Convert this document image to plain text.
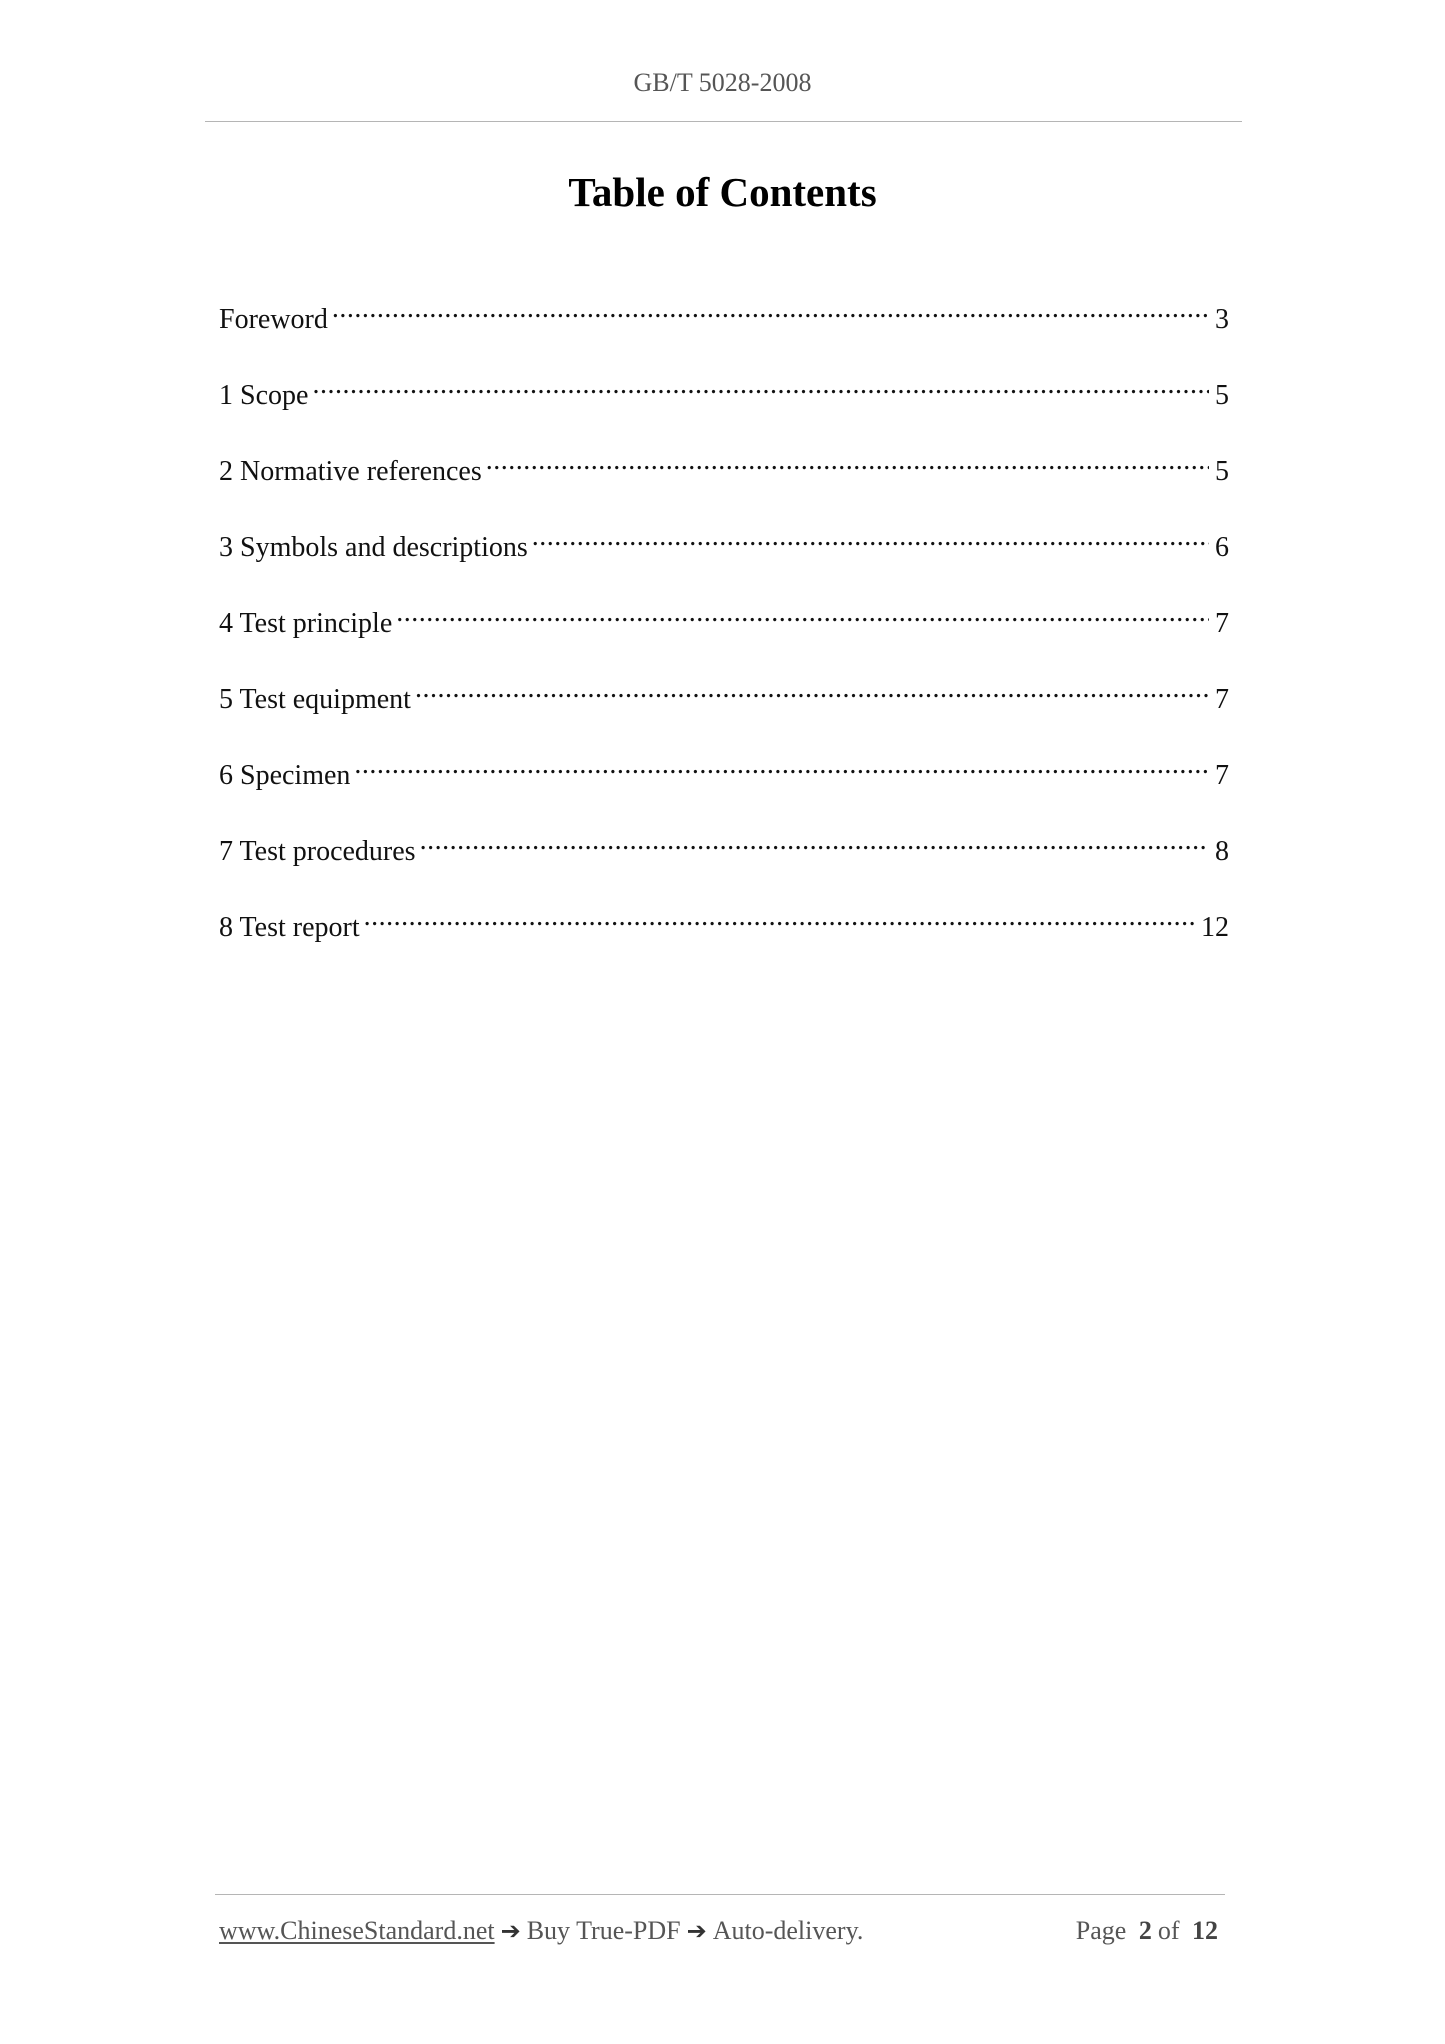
GB/T 5028-2008
Table of Contents
Foreword .....	3
1 Scope .....	5
2 Normative references .....	5
3 Symbols and descriptions .....	6
4 Test principle .....	7
5 Test equipment .....	7
6 Specimen .....	7
7 Test procedures .....	8
8 Test report .....	12
www.ChineseStandard.net ➔ Buy True-PDF ➔ Auto-delivery.	Page 2 of 12
